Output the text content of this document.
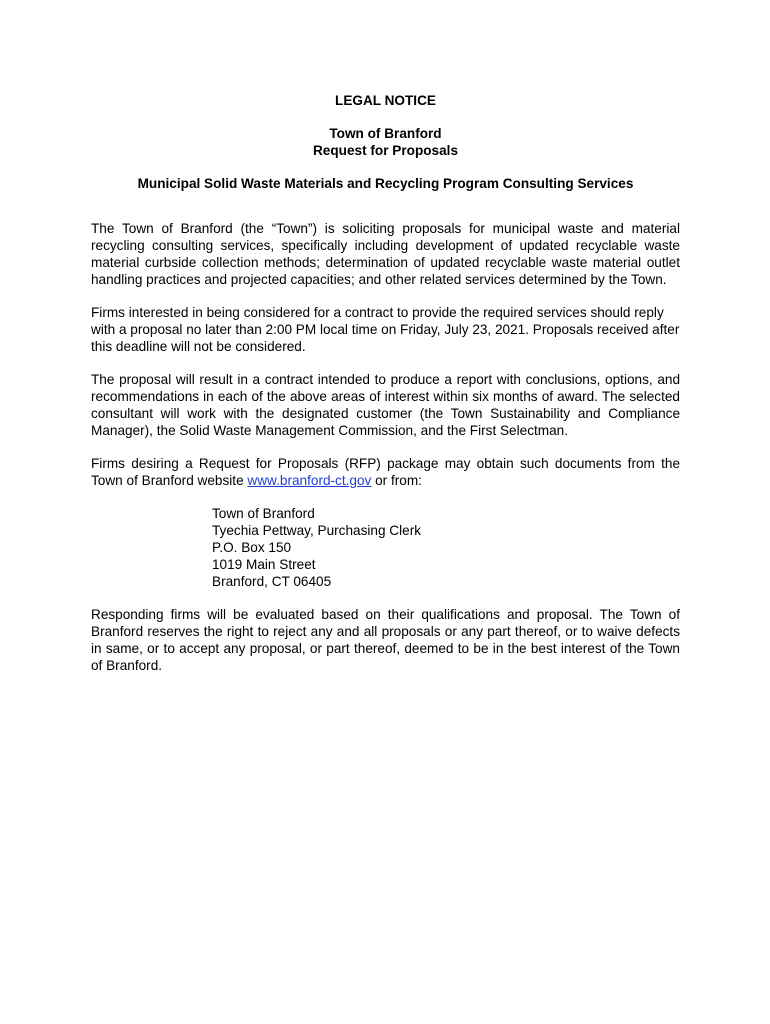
LEGAL NOTICE

Town of Branford

Request for Proposals

Municipal Solid Waste Materials and Recycling Program Consulting Services

The Town of Branford (the “Town”) is soliciting proposals for municipal waste and material recycling consulting services, specifically including development of updated recyclable waste material curbside collection methods; determination of updated recyclable waste material outlet handling practices and projected capacities; and other related services determined by the Town.

Firms interested in being considered for a contract to provide the required services should reply with a proposal no later than 2:00 PM local time on Friday, July 23, 2021. Proposals received after this deadline will not be considered.

The proposal will result in a contract intended to produce a report with conclusions, options, and recommendations in each of the above areas of interest within six months of award. The selected consultant will work with the designated customer (the Town Sustainability and Compliance Manager), the Solid Waste Management Commission, and the First Selectman.

Firms desiring a Request for Proposals (RFP) package may obtain such documents from the Town of Branford website www.branford-ct.gov or from:

Town of Branford
Tyechia Pettway, Purchasing Clerk
P.O. Box 150
1019 Main Street
Branford, CT 06405

Responding firms will be evaluated based on their qualifications and proposal. The Town of Branford reserves the right to reject any and all proposals or any part thereof, or to waive defects in same, or to accept any proposal, or part thereof, deemed to be in the best interest of the Town of Branford.
